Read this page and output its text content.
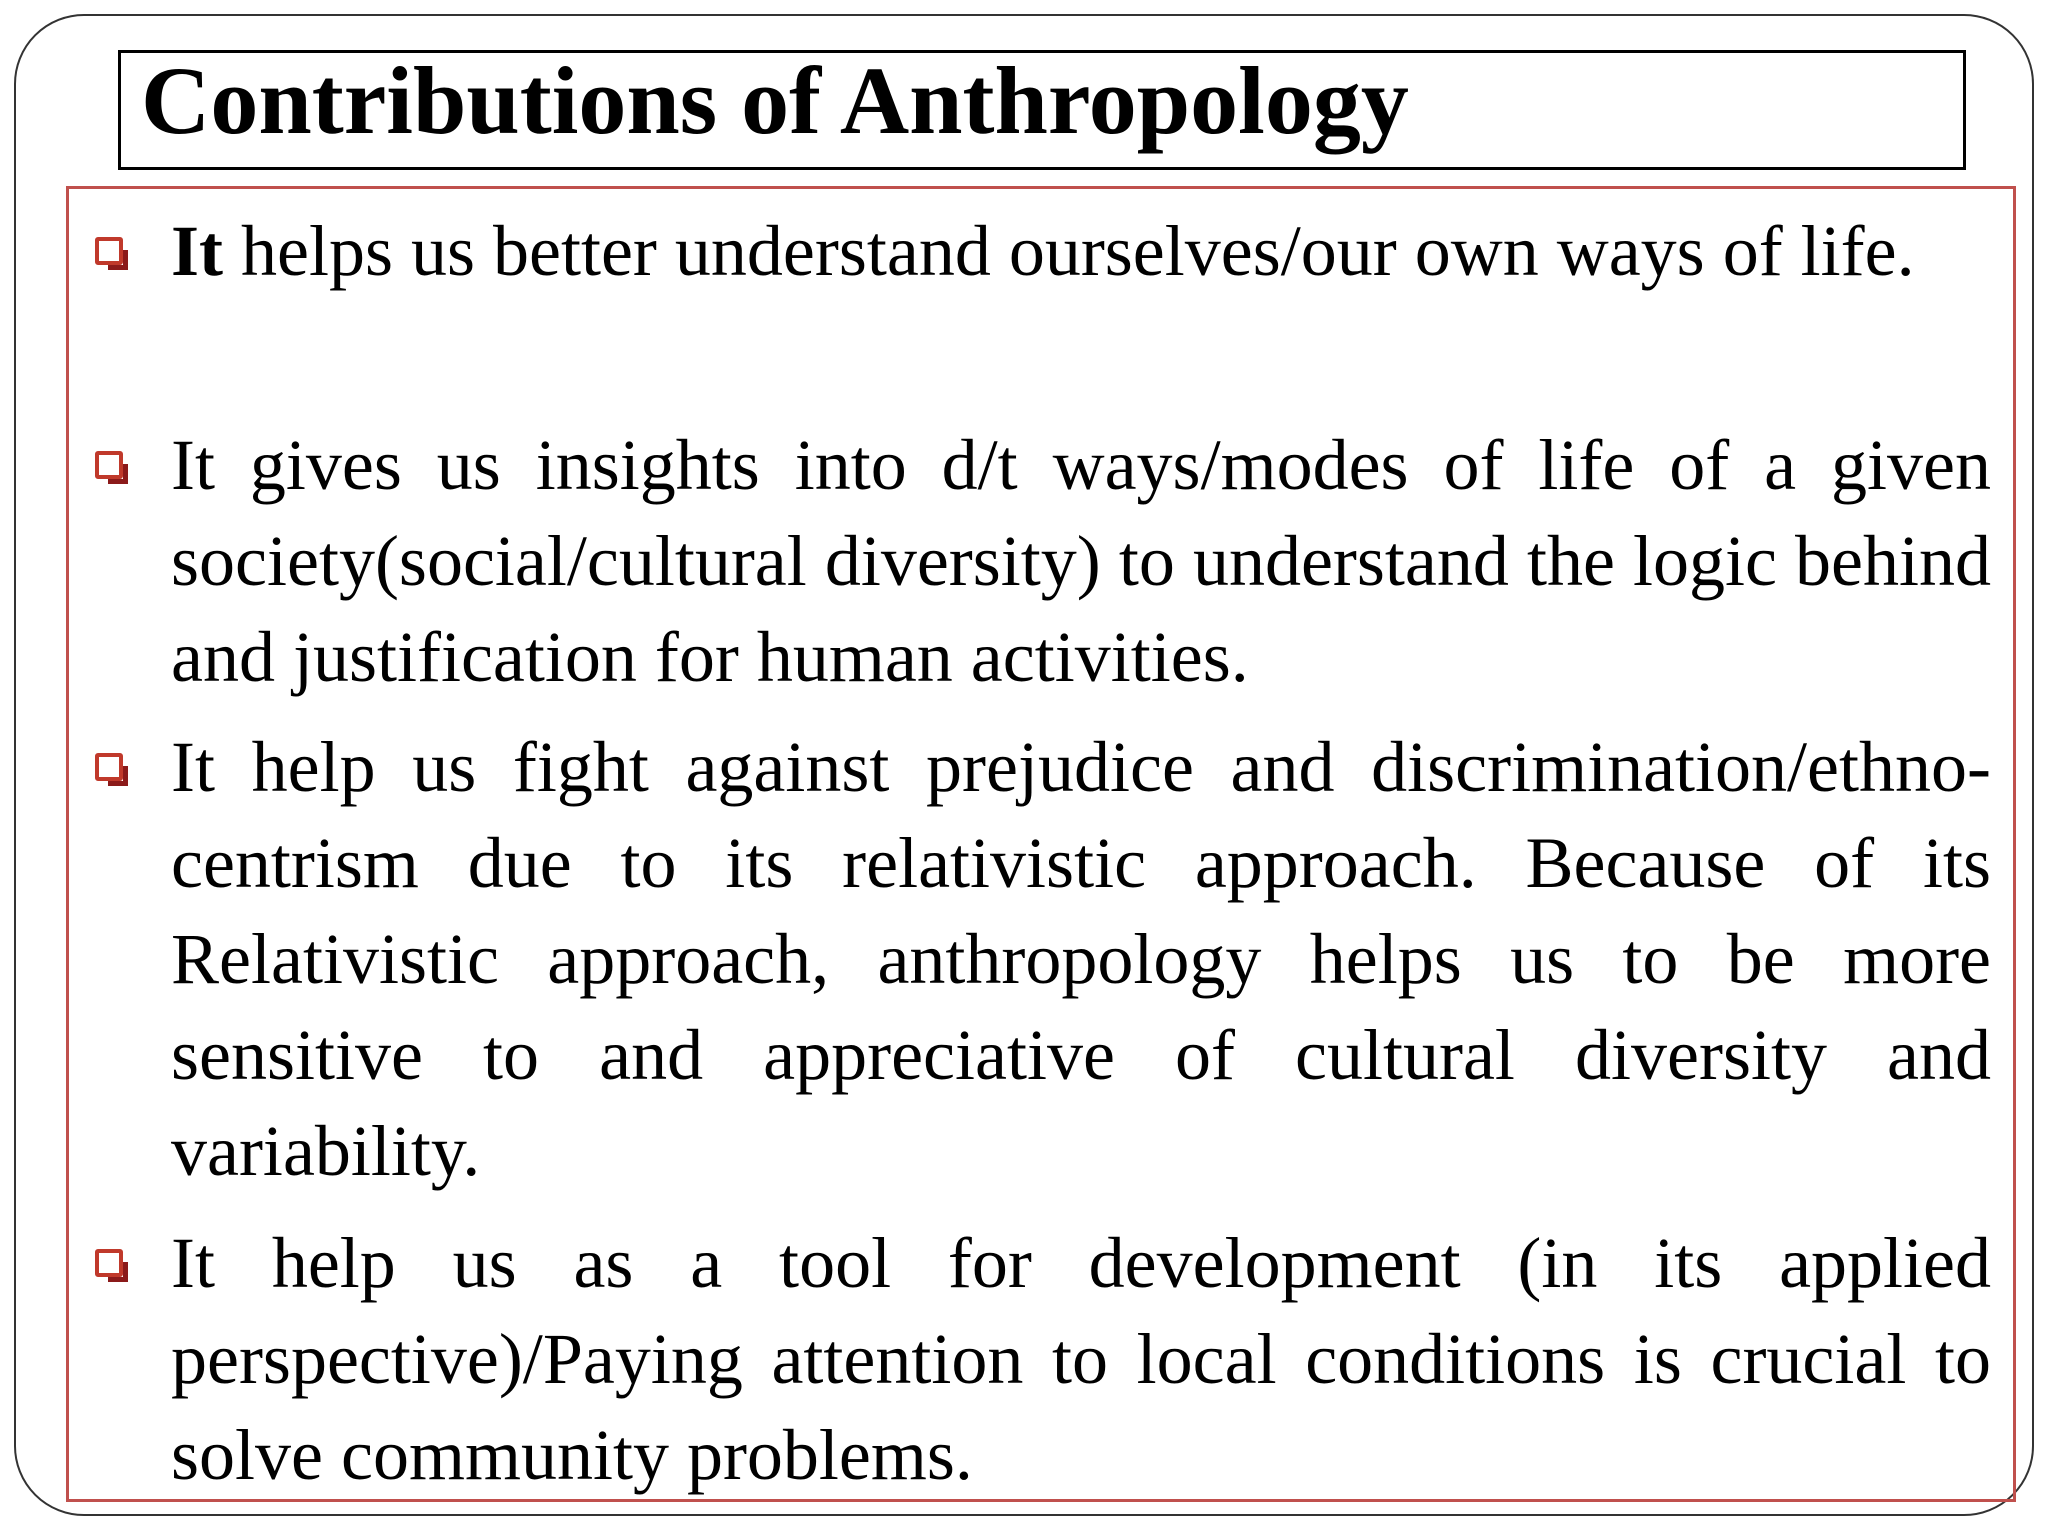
Contributions of Anthropology
It helps us better understand ourselves/our own ways of life.
It gives us insights into d/t ways/modes of life of a given society(social/cultural diversity) to understand the logic behind and justification for human activities.
It help us fight against prejudice and discrimination/ethno-centrism due to its relativistic approach. Because of its Relativistic approach, anthropology helps us to be more sensitive to and appreciative of cultural diversity and variability.
It help us as a tool for development (in its applied perspective)/Paying attention to local conditions is crucial to solve community problems.
